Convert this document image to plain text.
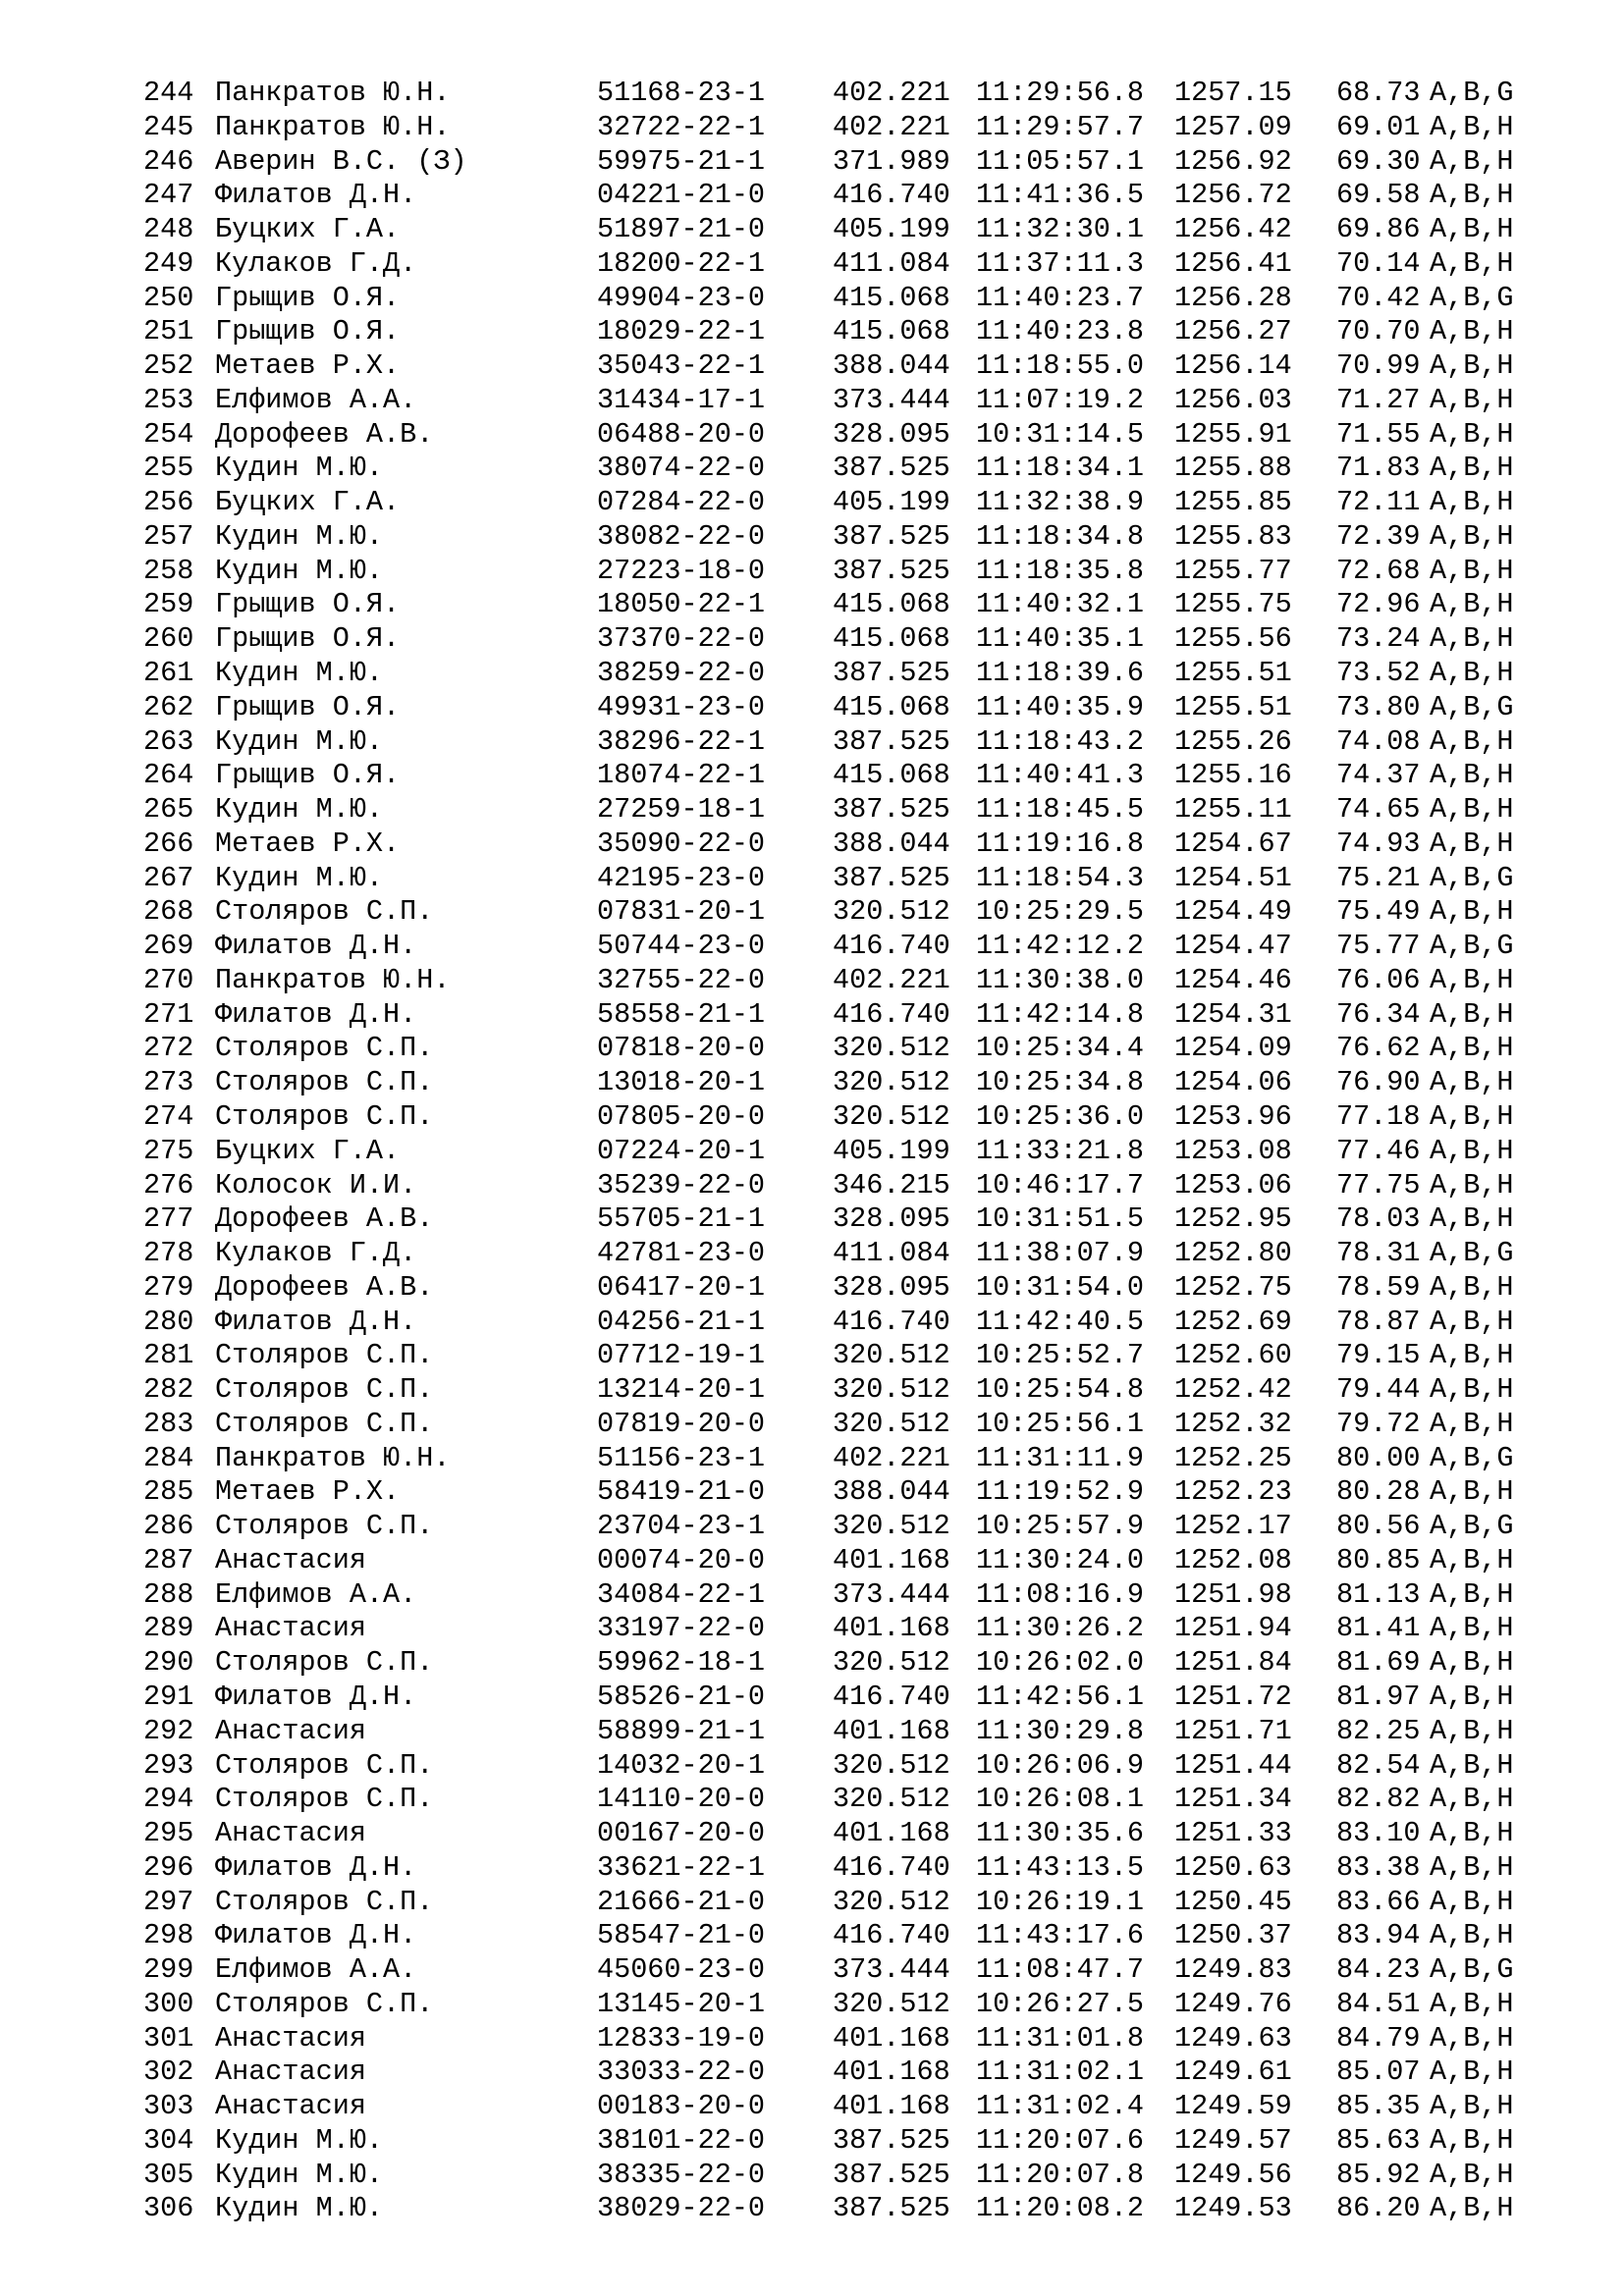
244 Панкратов Ю.Н.	51168-23-1 402.221 11:29:56.8 1257.15 68.73 A,B,G
245 Панкратов Ю.Н.	32722-22-1 402.221 11:29:57.7 1257.09 69.01 A,B,H
246 Аверин В.С. (З)	59975-21-1 371.989 11:05:57.1 1256.92 69.30 A,B,H
247 Филатов Д.Н.	04221-21-0 416.740 11:41:36.5 1256.72 69.58 A,B,H
248 Буцких Г.А.	51897-21-0 405.199 11:32:30.1 1256.42 69.86 A,B,H
249 Кулаков Г.Д.	18200-22-1 411.084 11:37:11.3 1256.41 70.14 A,B,H
250 Грыщив О.Я.	49904-23-0 415.068 11:40:23.7 1256.28 70.42 A,B,G
251 Грыщив О.Я.	18029-22-1 415.068 11:40:23.8 1256.27 70.70 A,B,H
252 Метаев Р.Х.	35043-22-1 388.044 11:18:55.0 1256.14 70.99 A,B,H
253 Елфимов А.А.	31434-17-1 373.444 11:07:19.2 1256.03 71.27 A,B,H
254 Дорофеев А.В.	06488-20-0 328.095 10:31:14.5 1255.91 71.55 A,B,H
255 Кудин М.Ю.	38074-22-0 387.525 11:18:34.1 1255.88 71.83 A,B,H
256 Буцких Г.А.	07284-22-0 405.199 11:32:38.9 1255.85 72.11 A,B,H
257 Кудин М.Ю.	38082-22-0 387.525 11:18:34.8 1255.83 72.39 A,B,H
258 Кудин М.Ю.	27223-18-0 387.525 11:18:35.8 1255.77 72.68 A,B,H
259 Грыщив О.Я.	18050-22-1 415.068 11:40:32.1 1255.75 72.96 A,B,H
260 Грыщив О.Я.	37370-22-0 415.068 11:40:35.1 1255.56 73.24 A,B,H
261 Кудин М.Ю.	38259-22-0 387.525 11:18:39.6 1255.51 73.52 A,B,H
262 Грыщив О.Я.	49931-23-0 415.068 11:40:35.9 1255.51 73.80 A,B,G
263 Кудин М.Ю.	38296-22-1 387.525 11:18:43.2 1255.26 74.08 A,B,H
264 Грыщив О.Я.	18074-22-1 415.068 11:40:41.3 1255.16 74.37 A,B,H
265 Кудин М.Ю.	27259-18-1 387.525 11:18:45.5 1255.11 74.65 A,B,H
266 Метаев Р.Х.	35090-22-0 388.044 11:19:16.8 1254.67 74.93 A,B,H
267 Кудин М.Ю.	42195-23-0 387.525 11:18:54.3 1254.51 75.21 A,B,G
268 Столяров С.П.	07831-20-1 320.512 10:25:29.5 1254.49 75.49 A,B,H
269 Филатов Д.Н.	50744-23-0 416.740 11:42:12.2 1254.47 75.77 A,B,G
270 Панкратов Ю.Н.	32755-22-0 402.221 11:30:38.0 1254.46 76.06 A,B,H
271 Филатов Д.Н.	58558-21-1 416.740 11:42:14.8 1254.31 76.34 A,B,H
272 Столяров С.П.	07818-20-0 320.512 10:25:34.4 1254.09 76.62 A,B,H
273 Столяров С.П.	13018-20-1 320.512 10:25:34.8 1254.06 76.90 A,B,H
274 Столяров С.П.	07805-20-0 320.512 10:25:36.0 1253.96 77.18 A,B,H
275 Буцких Г.А.	07224-20-1 405.199 11:33:21.8 1253.08 77.46 A,B,H
276 Колосок И.И.	35239-22-0 346.215 10:46:17.7 1253.06 77.75 A,B,H
277 Дорофеев А.В.	55705-21-1 328.095 10:31:51.5 1252.95 78.03 A,B,H
278 Кулаков Г.Д.	42781-23-0 411.084 11:38:07.9 1252.80 78.31 A,B,G
279 Дорофеев А.В.	06417-20-1 328.095 10:31:54.0 1252.75 78.59 A,B,H
280 Филатов Д.Н.	04256-21-1 416.740 11:42:40.5 1252.69 78.87 A,B,H
281 Столяров С.П.	07712-19-1 320.512 10:25:52.7 1252.60 79.15 A,B,H
282 Столяров С.П.	13214-20-1 320.512 10:25:54.8 1252.42 79.44 A,B,H
283 Столяров С.П.	07819-20-0 320.512 10:25:56.1 1252.32 79.72 A,B,H
284 Панкратов Ю.Н.	51156-23-1 402.221 11:31:11.9 1252.25 80.00 A,B,G
285 Метаев Р.Х.	58419-21-0 388.044 11:19:52.9 1252.23 80.28 A,B,H
286 Столяров С.П.	23704-23-1 320.512 10:25:57.9 1252.17 80.56 A,B,G
287 Анастасия	00074-20-0 401.168 11:30:24.0 1252.08 80.85 A,B,H
288 Елфимов А.А.	34084-22-1 373.444 11:08:16.9 1251.98 81.13 A,B,H
289 Анастасия	33197-22-0 401.168 11:30:26.2 1251.94 81.41 A,B,H
290 Столяров С.П.	59962-18-1 320.512 10:26:02.0 1251.84 81.69 A,B,H
291 Филатов Д.Н.	58526-21-0 416.740 11:42:56.1 1251.72 81.97 A,B,H
292 Анастасия	58899-21-1 401.168 11:30:29.8 1251.71 82.25 A,B,H
293 Столяров С.П.	14032-20-1 320.512 10:26:06.9 1251.44 82.54 A,B,H
294 Столяров С.П.	14110-20-0 320.512 10:26:08.1 1251.34 82.82 A,B,H
295 Анастасия	00167-20-0 401.168 11:30:35.6 1251.33 83.10 A,B,H
296 Филатов Д.Н.	33621-22-1 416.740 11:43:13.5 1250.63 83.38 A,B,H
297 Столяров С.П.	21666-21-0 320.512 10:26:19.1 1250.45 83.66 A,B,H
298 Филатов Д.Н.	58547-21-0 416.740 11:43:17.6 1250.37 83.94 A,B,H
299 Елфимов А.А.	45060-23-0 373.444 11:08:47.7 1249.83 84.23 A,B,G
300 Столяров С.П.	13145-20-1 320.512 10:26:27.5 1249.76 84.51 A,B,H
301 Анастасия	12833-19-0 401.168 11:31:01.8 1249.63 84.79 A,B,H
302 Анастасия	33033-22-0 401.168 11:31:02.1 1249.61 85.07 A,B,H
303 Анастасия	00183-20-0 401.168 11:31:02.4 1249.59 85.35 A,B,H
304 Кудин М.Ю.	38101-22-0 387.525 11:20:07.6 1249.57 85.63 A,B,H
305 Кудин М.Ю.	38335-22-0 387.525 11:20:07.8 1249.56 85.92 A,B,H
306 Кудин М.Ю.	38029-22-0 387.525 11:20:08.2 1249.53 86.20 A,B,H
